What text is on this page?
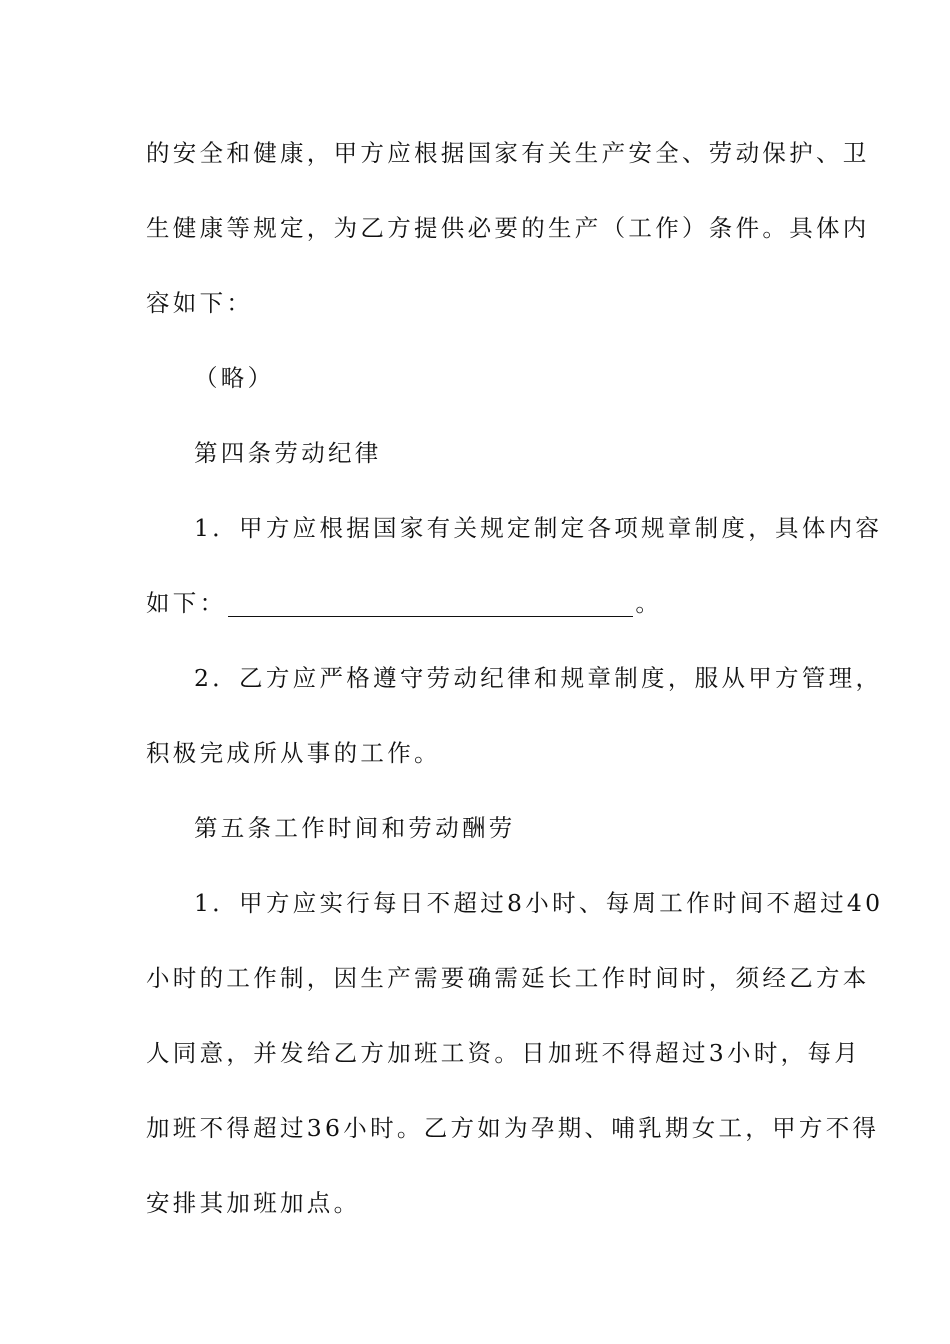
的安全和健康，甲方应根据国家有关生产安全、劳动保护、卫
生健康等规定，为乙方提供必要的生产（工作）条件。具体内
容如下：
（略）
第四条劳动纪律
1．甲方应根据国家有关规定制定各项规章制度，具体内容
如下：	。
2．乙方应严格遵守劳动纪律和规章制度，服从甲方管理，
积极完成所从事的工作。
第五条工作时间和劳动酬劳
1．甲方应实行每日不超过8小时、每周工作时间不超过40
小时的工作制，因生产需要确需延长工作时间时，须经乙方本
人同意，并发给乙方加班工资。日加班不得超过3小时，每月
加班不得超过36小时。乙方如为孕期、哺乳期女工，甲方不得
安排其加班加点。
